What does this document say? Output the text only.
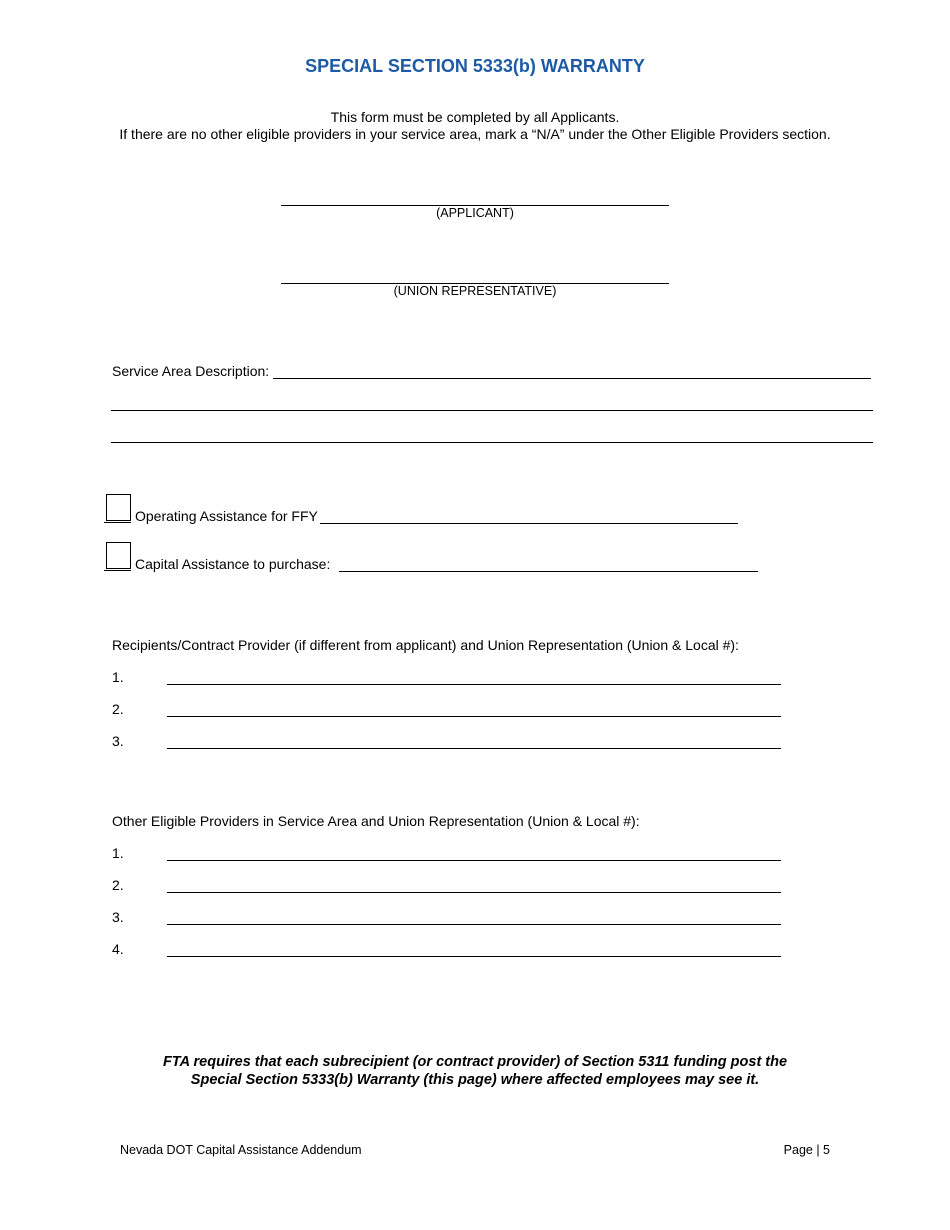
SPECIAL SECTION 5333(b) WARRANTY
This form must be completed by all Applicants.
If there are no other eligible providers in your service area, mark a “N/A” under the Other Eligible Providers section.
(APPLICANT)
(UNION REPRESENTATIVE)
Service Area Description:
Operating Assistance for FFY
Capital Assistance to purchase:
Recipients/Contract Provider (if different from applicant) and Union Representation (Union & Local #):
1.
2.
3.
Other Eligible Providers in Service Area and Union Representation (Union & Local #):
1.
2.
3.
4.
FTA requires that each subrecipient (or contract provider) of Section 5311 funding post the
Special Section 5333(b) Warranty (this page) where affected employees may see it.
Nevada DOT Capital Assistance Addendum	Page | 5
